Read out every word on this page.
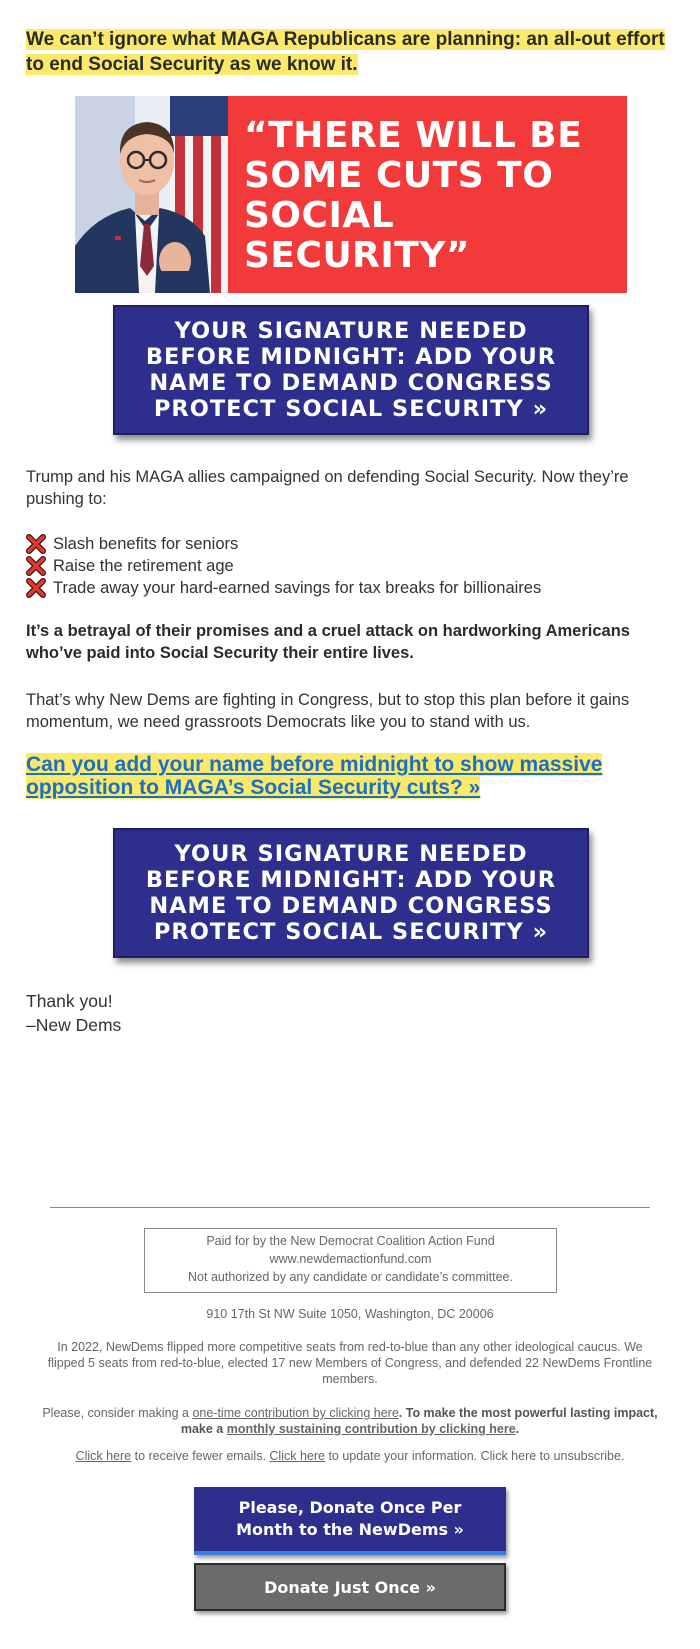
We can’t ignore what MAGA Republicans are planning: an all-out effort to end Social Security as we know it.
“THERE WILL BE SOME CUTS TO SOCIAL SECURITY”
YOUR SIGNATURE NEEDED BEFORE MIDNIGHT: ADD YOUR NAME TO DEMAND CONGRESS PROTECT SOCIAL SECURITY »
Trump and his MAGA allies campaigned on defending Social Security. Now they’re pushing to:
Slash benefits for seniors
Raise the retirement age
Trade away your hard-earned savings for tax breaks for billionaires
It’s a betrayal of their promises and a cruel attack on hardworking Americans who’ve paid into Social Security their entire lives.
That’s why New Dems are fighting in Congress, but to stop this plan before it gains momentum, we need grassroots Democrats like you to stand with us.
Can you add your name before midnight to show massive opposition to MAGA’s Social Security cuts? »
YOUR SIGNATURE NEEDED BEFORE MIDNIGHT: ADD YOUR NAME TO DEMAND CONGRESS PROTECT SOCIAL SECURITY »
Thank you!
–New Dems
Paid for by the New Democrat Coalition Action Fund
www.newdemactionfund.com
Not authorized by any candidate or candidate’s committee.
910 17th St NW Suite 1050, Washington, DC 20006
In 2022, NewDems flipped more competitive seats from red-to-blue than any other ideological caucus. We flipped 5 seats from red-to-blue, elected 17 new Members of Congress, and defended 22 NewDems Frontline members.
Please, consider making a one-time contribution by clicking here. To make the most powerful lasting impact, make a monthly sustaining contribution by clicking here.
Click here to receive fewer emails. Click here to update your information. Click here to unsubscribe.
Please, Donate Once Per Month to the NewDems »
Donate Just Once »
